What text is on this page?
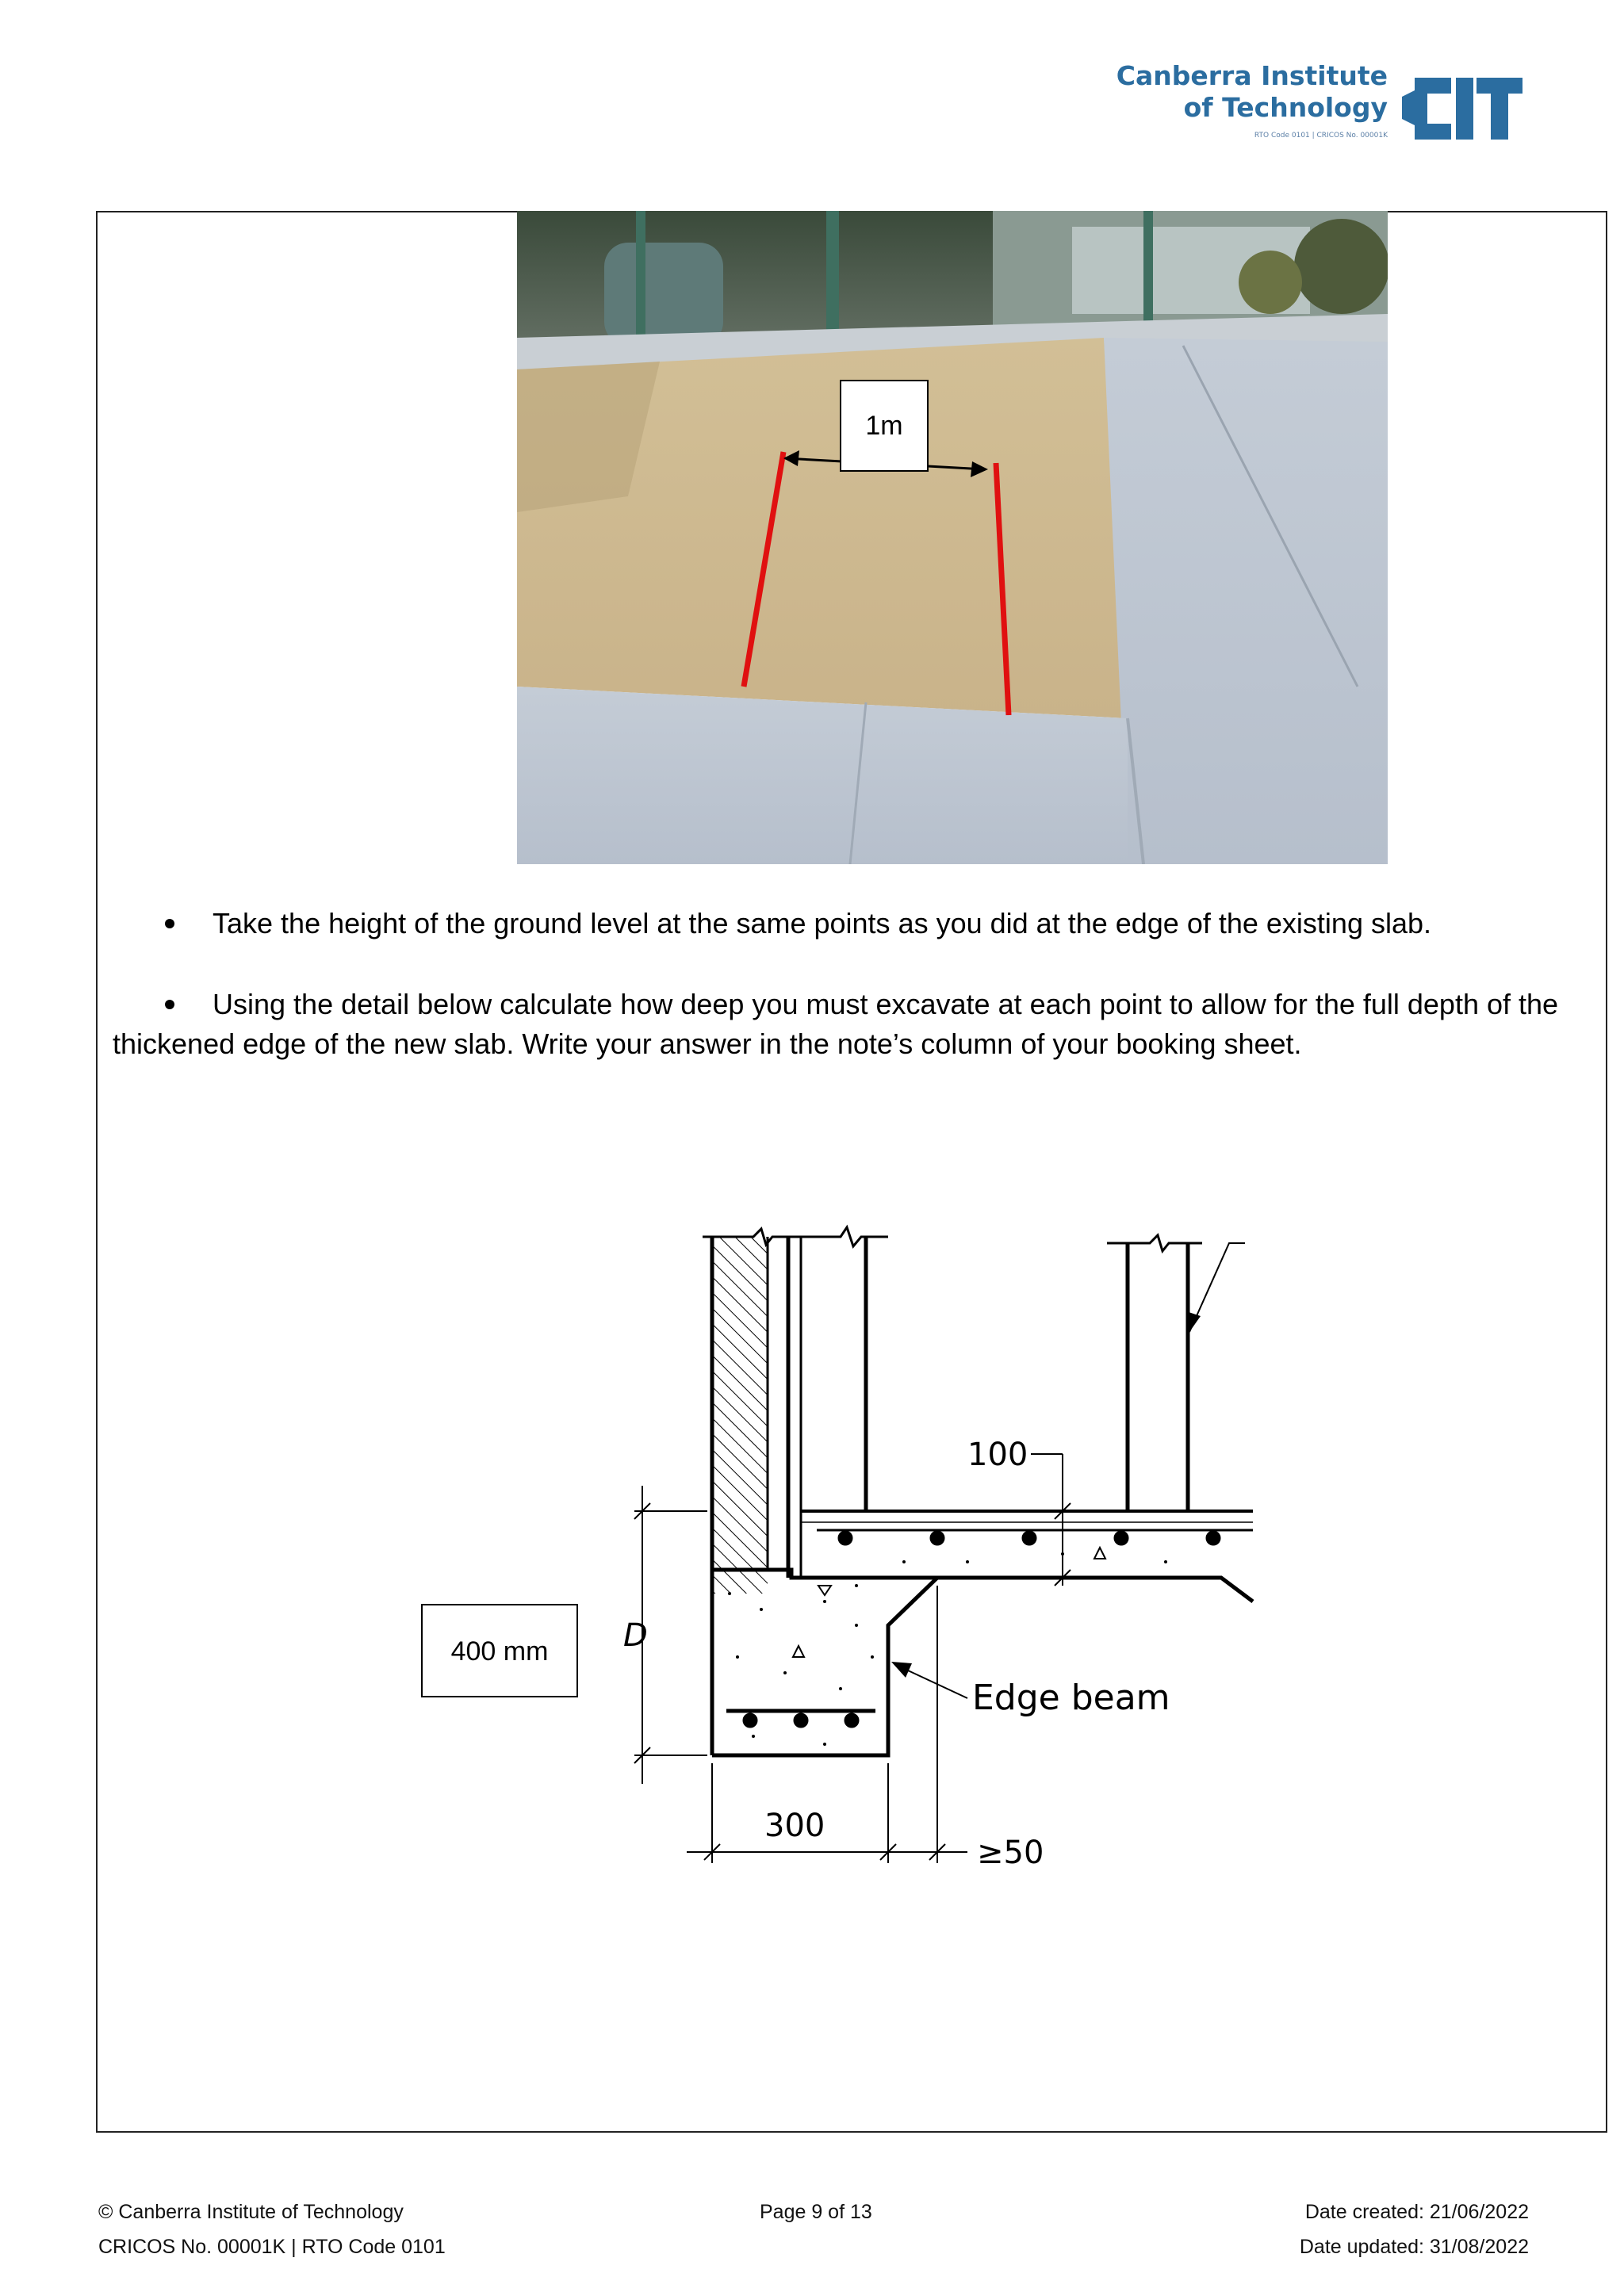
Canberra Institute
of Technology
RTO Code 0101 | CRICOS No. 00001K
1m
Take the height of the ground level at the same points as you did at the edge of the existing slab.
Using the detail below calculate how deep you must excavate at each point to allow for the full depth of the thickened edge of the new slab. Write your answer in the note’s column of your booking sheet.
400 mm D
100
Edge beam
300
≥50
© Canberra Institute of Technology
CRICOS No. 00001K | RTO Code 0101
Page 9 of 13	Date created: 21/06/2022
Date updated: 31/08/2022
